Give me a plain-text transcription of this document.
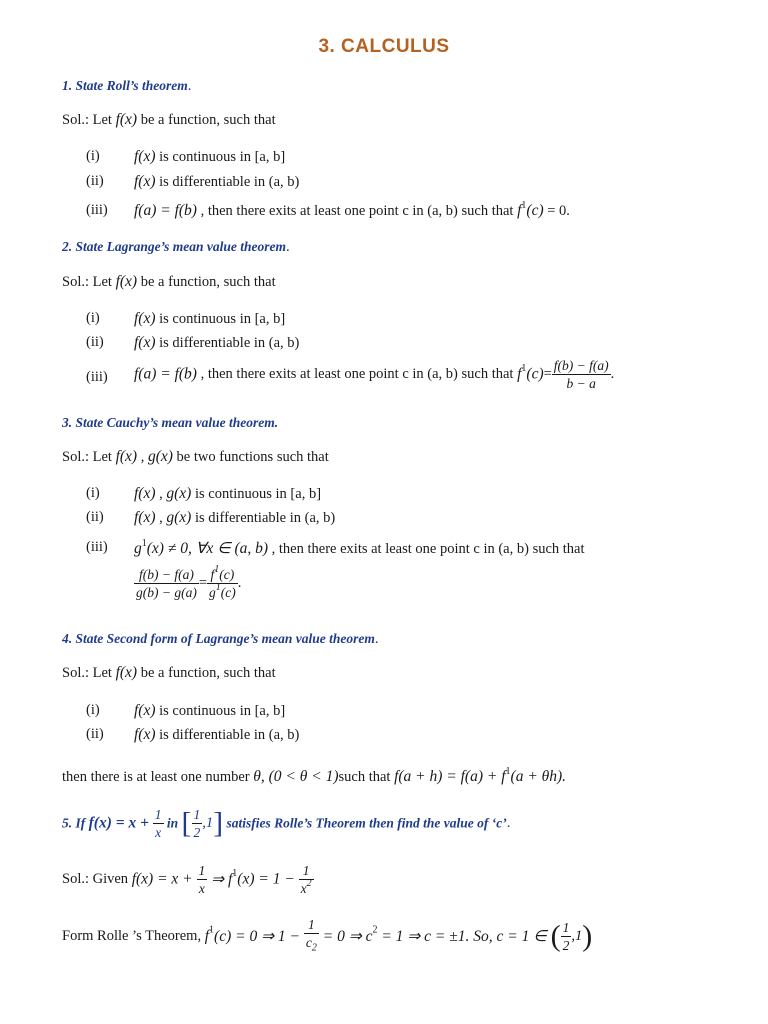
3. CALCULUS
1. State Roll’s theorem.
Sol.: Let f(x) be a function, such that
(i) f(x) is continuous in [a, b]
(ii) f(x) is differentiable in (a, b)
(iii) f(a) = f(b) , then there exits at least one point c in (a, b) such that $f^1(c) = 0$.
2. State Lagrange’s mean value theorem.
Sol.: Let f(x) be a function, such that
(i) f(x) is continuous in [a, b]
(ii) f(x) is differentiable in (a, b)
(iii) f(a) = f(b) , then there exits at least one point c in (a, b) such that $f^1(c)= \frac{f(b) - f(a)}{b - a}$ .
3. State Cauchy’s mean value theorem.
Sol.: Let f(x) , g(x) be two functions such that
(i) f(x) , g(x) is continuous in [a, b]
(ii) f(x) , g(x) is differentiable in (a, b)
(iii) $g^1(x) \ne 0$, ∀x ∈ (a, b) , then there exits at least one point c in (a, b) such that
$\frac{f(b) - f(a)}{g(b) - g(a)} = \frac{f^1(c)}{g^1(c)}$ .
4. State Second form of Lagrange’s mean value theorem.
Sol.: Let f(x) be a function, such that
(i) f(x) is continuous in [a, b]
(ii) f(x) is differentiable in (a, b)
then there is at least one number θ, (0 < θ < 1)such that $f(a + h) = f(a) + f^1(a + \theta h)$.
5. If $f(x) = x + \frac{1}{x}$ in [ $\frac{1}{2} ,1$] satisfies Rolle’s Theorem then find the value of ‘c’.
Sol.: Given $f(x) = x + \frac{1}{x}$ ⇒ $f^1(x) = 1 - \frac{1}{x^2}$
Form Rolle ’s Theorem, $f^1(c) = 0$ ⇒ $1 - \frac{1}{c_2} = 0$ ⇒ $c^2 = 1$ ⇒ c = ±1. So, c = 1 ∈ ( $\frac{1}{2} ,1$)
